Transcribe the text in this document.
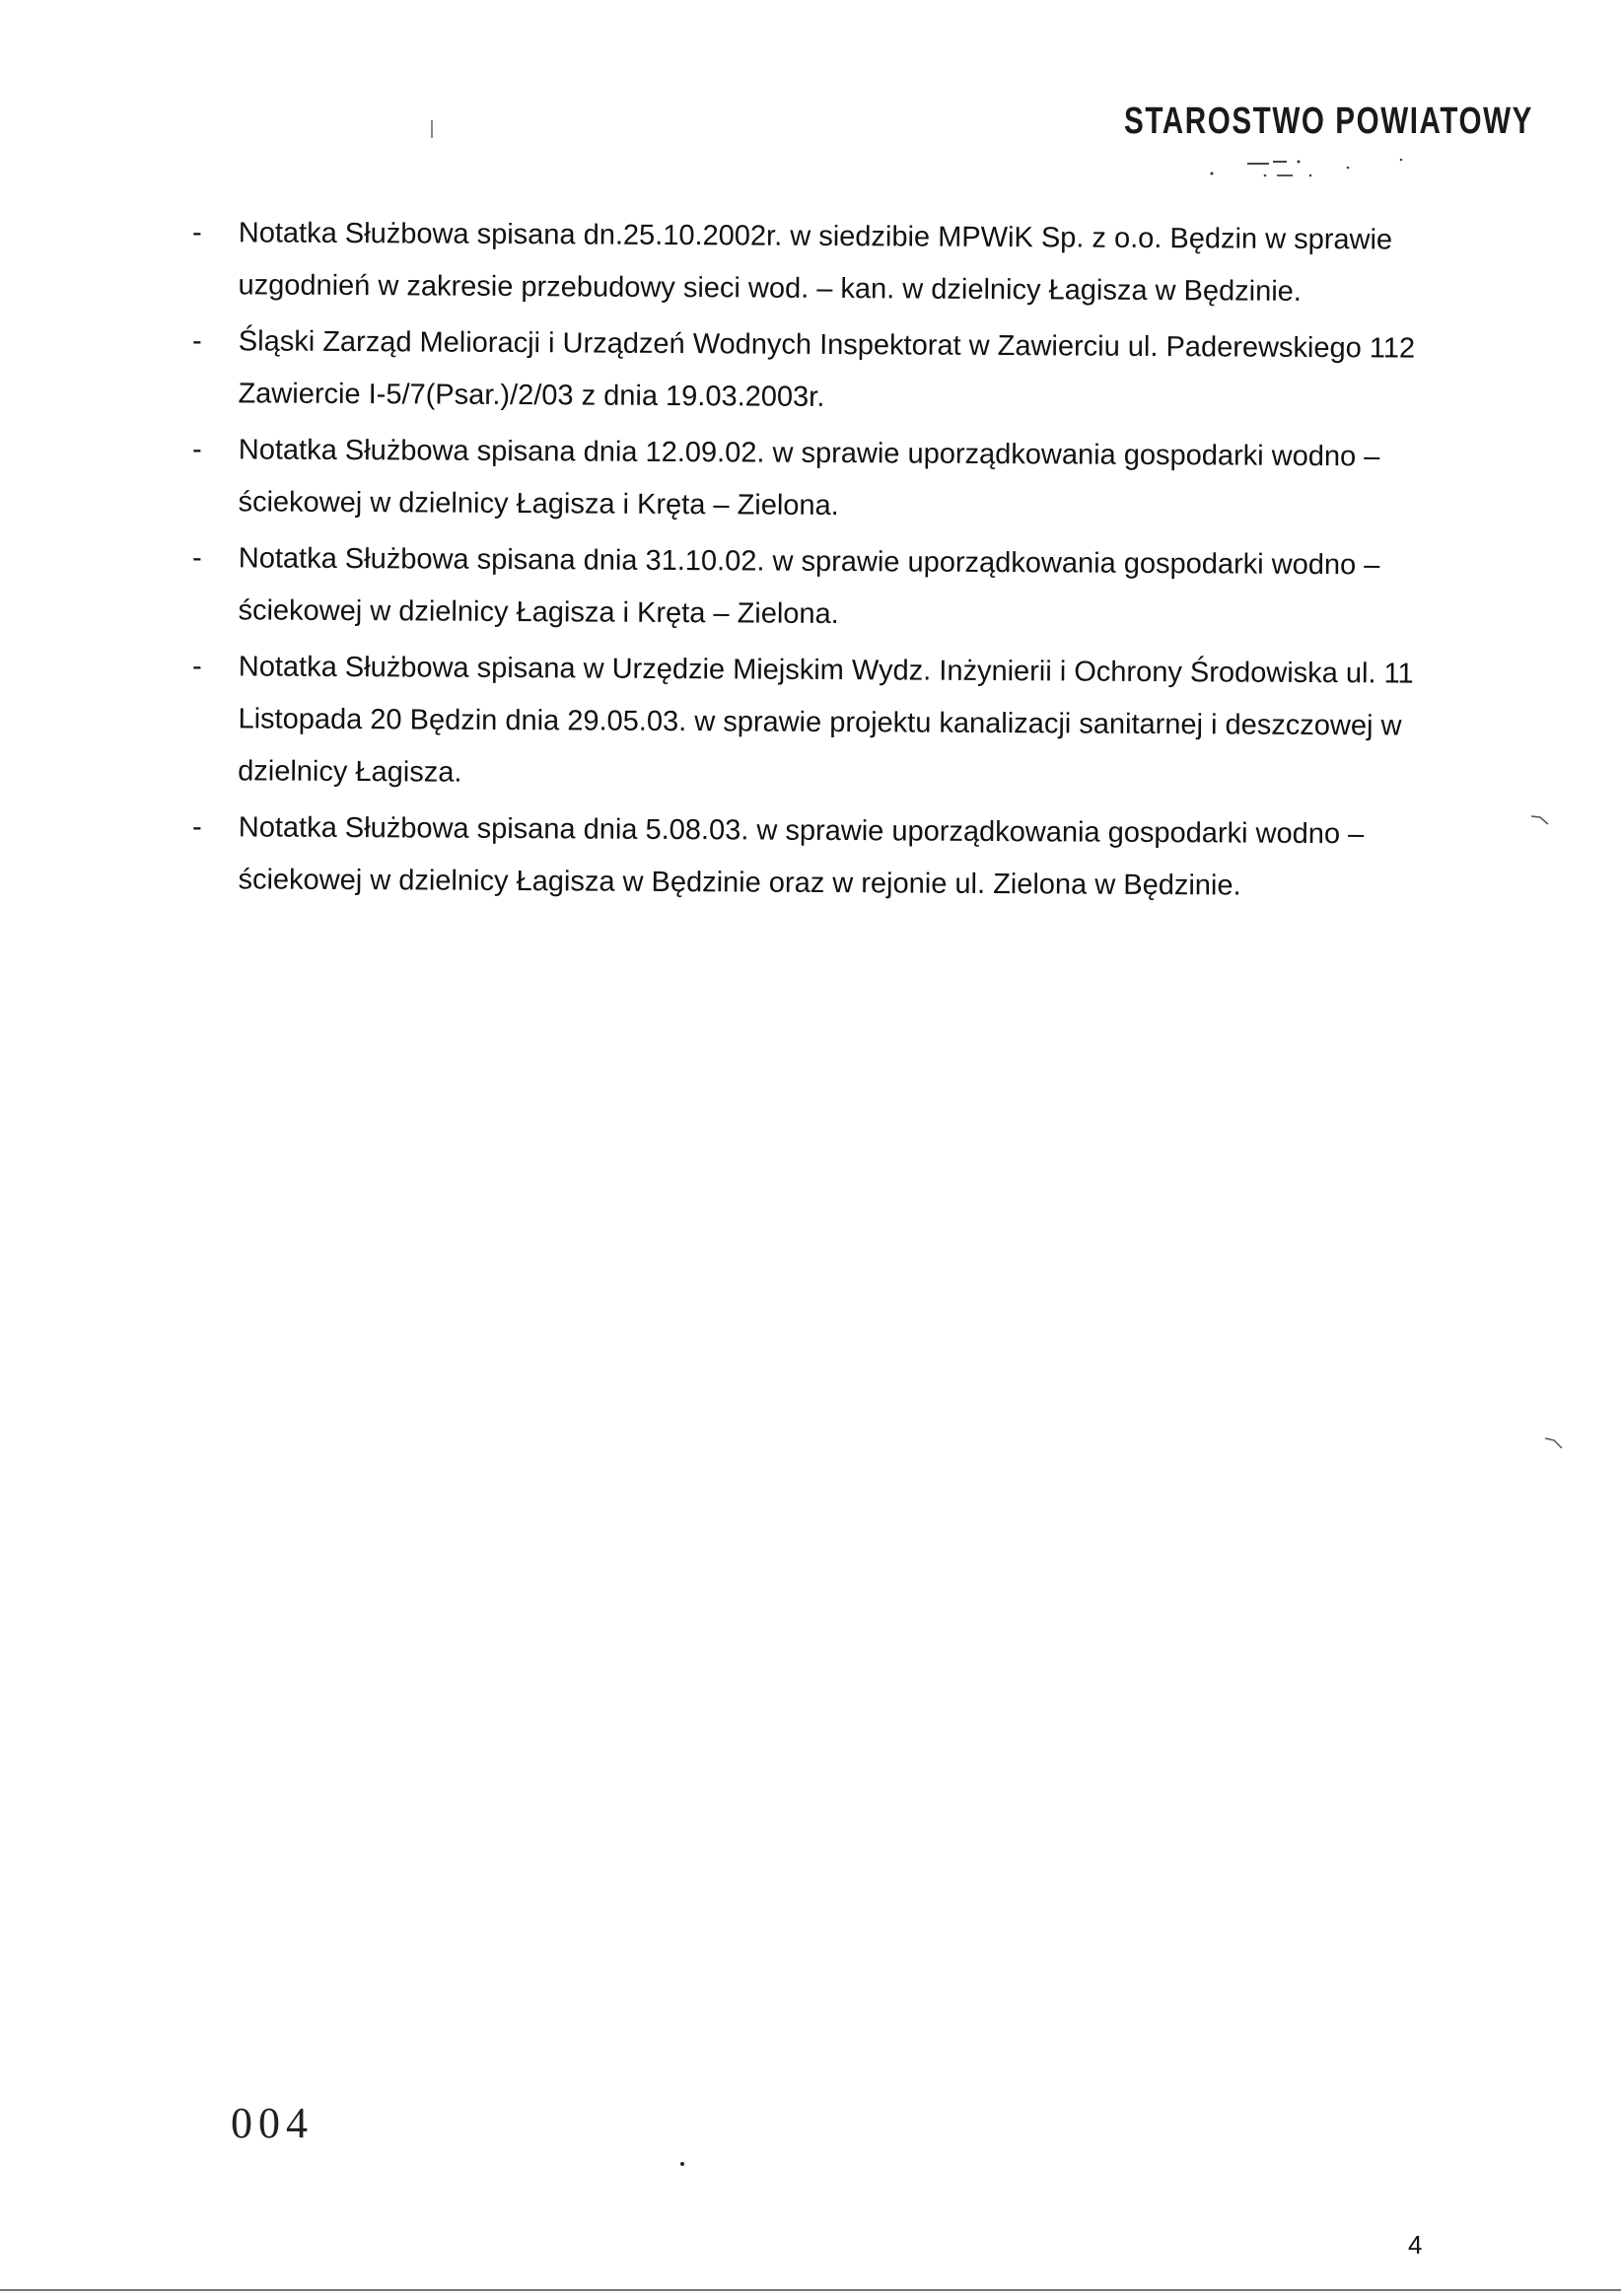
STAROSTWO POWIATOWY
- Notatka Służbowa spisana dn.25.10.2002r. w siedzibie MPWiK Sp. z o.o. Będzin w sprawie uzgodnień w zakresie przebudowy sieci wod. – kan. w dzielnicy Łagisza w Będzinie.
- Śląski Zarząd Melioracji i Urządzeń Wodnych Inspektorat w Zawierciu ul. Paderewskiego 112 Zawiercie I-5/7(Psar.)/2/03 z dnia 19.03.2003r.
- Notatka Służbowa spisana dnia 12.09.02. w sprawie uporządkowania gospodarki wodno – ściekowej w dzielnicy Łagisza i Kręta – Zielona.
- Notatka Służbowa spisana dnia 31.10.02. w sprawie uporządkowania gospodarki wodno – ściekowej w dzielnicy Łagisza i Kręta – Zielona.
- Notatka Służbowa spisana w Urzędzie Miejskim Wydz. Inżynierii i Ochrony Środowiska ul. 11 Listopada 20 Będzin dnia 29.05.03. w sprawie projektu kanalizacji sanitarnej i deszczowej w dzielnicy Łagisza.
- Notatka Służbowa spisana dnia 5.08.03. w sprawie uporządkowania gospodarki wodno – ściekowej w dzielnicy Łagisza w Będzinie oraz w rejonie ul. Zielona w Będzinie.
004
4
